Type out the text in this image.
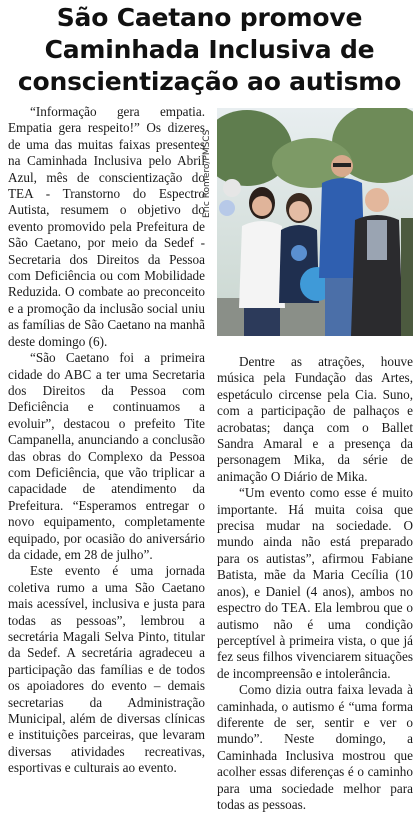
São Caetano promove
Caminhada Inclusiva de
conscientização ao autismo

“Informação gera empatia. Empatia gera respeito!” Os dizeres de uma das muitas faixas presentes na Caminhada Inclusiva pelo Abril Azul, mês de conscientização do TEA - Transtorno do Espectro Autista, resumem o objetivo do evento promovido pela Prefeitura de São Caetano, por meio da Sedef - Secretaria dos Direitos da Pessoa com Deficiência ou com Mobilidade Reduzida. O combate ao preconceito e a promoção da inclusão social uniu as famílias de São Caetano na manhã deste domingo (6).

“São Caetano foi a primeira cidade do ABC a ter uma Secretaria dos Direitos da Pessoa com Deficiência e continuamos a evoluir”, destacou o prefeito Tite Campanella, anunciando a conclusão das obras do Complexo da Pessoa com Deficiência, que vão triplicar a capacidade de atendimento da Prefeitura. “Esperamos entregar o novo equipamento, completamente equipado, por ocasião do aniversário da cidade, em 28 de julho”.

Este evento é uma jornada coletiva rumo a uma São Caetano mais acessível, inclusiva e justa para todas as pessoas”, lembrou a secretária Magali Selva Pinto, titular da Sedef. A secretária agradeceu a participação das famílias e de todos os apoiadores do evento – demais secretarias da Administração Municipal, além de diversas clínicas e instituições parceiras, que levaram diversas atividades recreativas, esportivas e culturais ao evento.

Eric Romero/PMSCS

Dentre as atrações, houve música pela Fundação das Artes, espetáculo circense pela Cia. Suno, com a participação de palhaços e acrobatas; dança com o Ballet Sandra Amaral e a presença da personagem Mika, da série de animação O Diário de Mika.

“Um evento como esse é muito importante. Há muita coisa que precisa mudar na sociedade. O mundo ainda não está preparado para os autistas”, afirmou Fabiane Batista, mãe da Maria Cecília (10 anos), e Daniel (4 anos), ambos no espectro do TEA. Ela lembrou que o autismo não é uma condição perceptível à primeira vista, o que já fez seus filhos vivenciarem situações de incompreensão e intolerância.

Como dizia outra faixa levada à caminhada, o autismo é “uma forma diferente de ser, sentir e ver o mundo”. Neste domingo, a Caminhada Inclusiva mostrou que acolher essas diferenças é o caminho para uma sociedade melhor para todas as pessoas.
